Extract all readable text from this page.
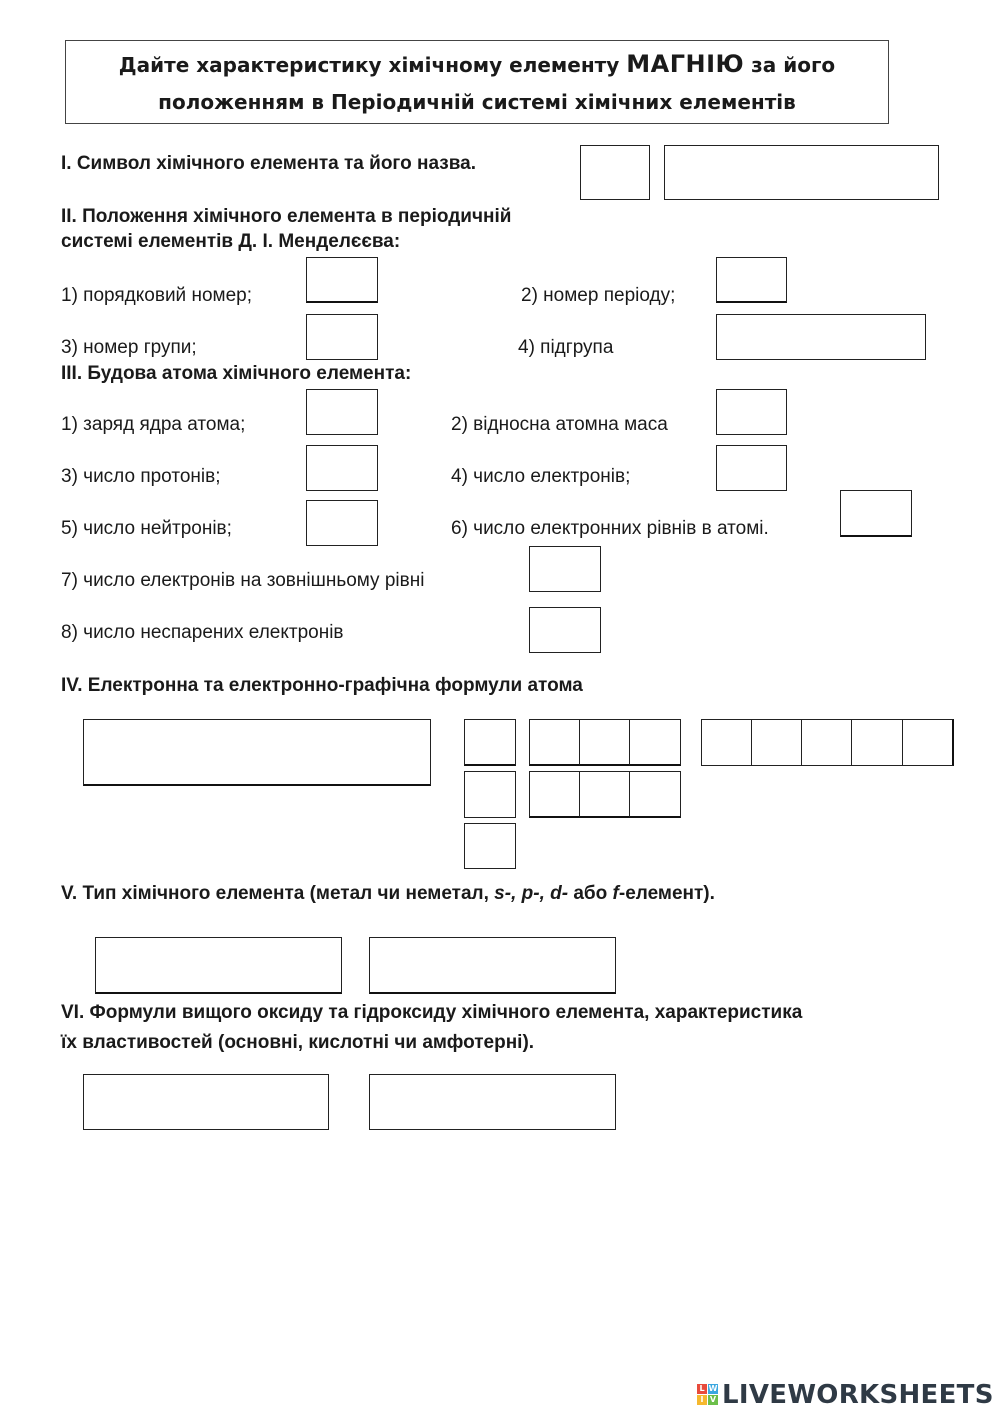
Дайте характеристику хімічному елементу МАГНІЮ за його
положенням в Періодичній системі хімічних елементів
I. Символ хімічного елемента та його назва.
II. Положення хімічного елемента в періодичній
системі елементів Д. І. Менделєєва:
1) порядковий номер;	2) номер періоду;
3) номер групи;	4) підгрупа
III. Будова атома хімічного елемента:
1) заряд ядра атома;	2) відносна атомна маса
3) число протонів;	4) число електронів;
5) число нейтронів;	6) число електронних рівнів в атомі.
7) число електронів на зовнішньому рівні
8) число неспарених електронів
IV. Електронна та електронно-графічна формули атома
V. Тип хімічного елемента (метал чи неметал, s-, p-, d- або f-елемент).
VI. Формули вищого оксиду та гідроксиду хімічного елемента, характеристика
їх властивостей (основні, кислотні чи амфотерні).
L W
I V LIVEWORKSHEETS
